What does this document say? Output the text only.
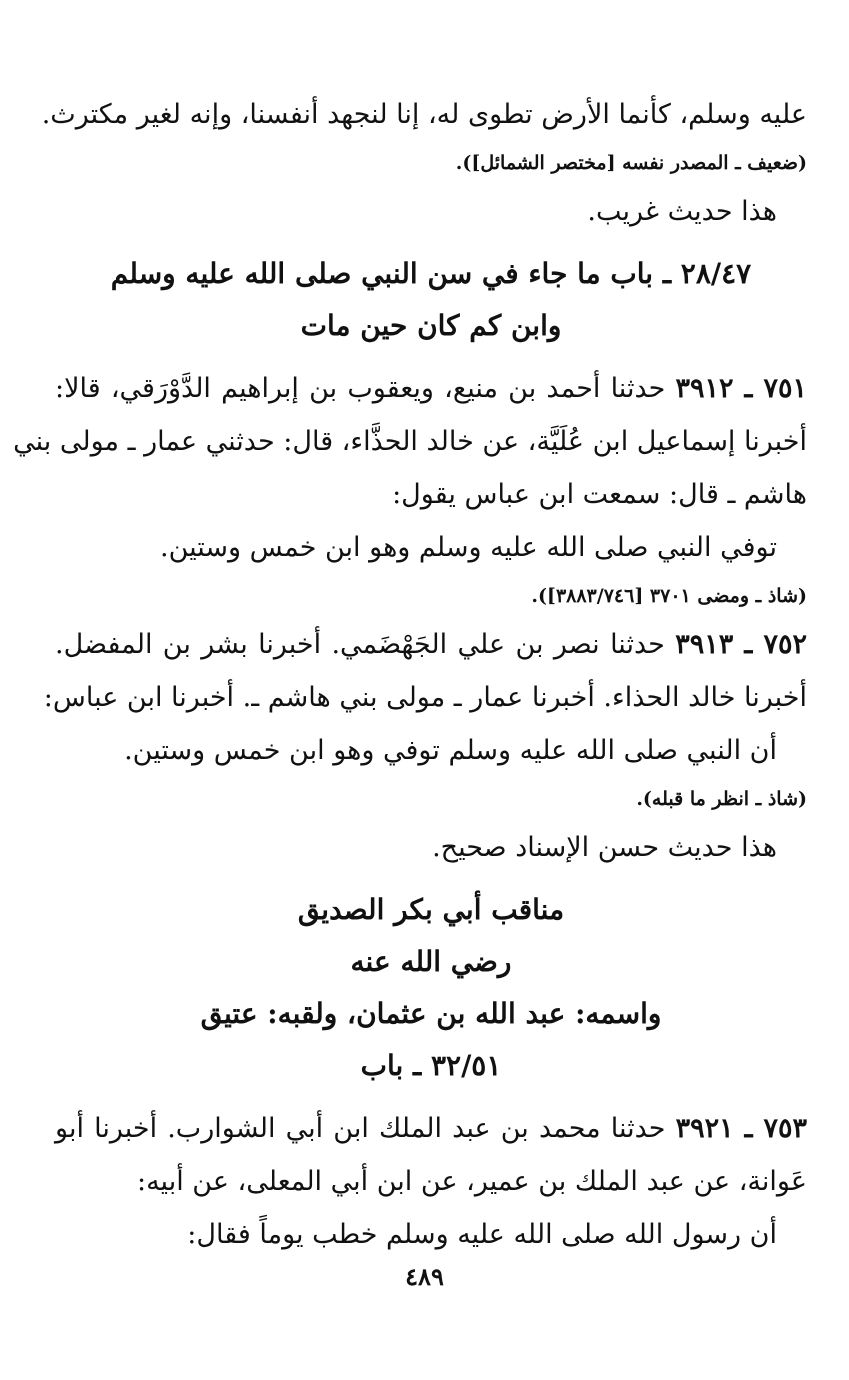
عليه وسلم، كأنما الأرض تطوى له، إنا لنجهد أنفسنا، وإنه لغير مكترث.
(ضعيف ـ المصدر نفسه [مختصر الشمائل]).
هذا حديث غريب.
٢٨/٤٧ ـ باب ما جاء في سن النبي صلى الله عليه وسلم
وابن كم كان حين مات
٧٥١ ـ ٣٩١٢ حدثنا أحمد بن منيع، ويعقوب بن إبراهيم الدَّوْرَقي، قالا:
أخبرنا إسماعيل ابن عُلَيَّة، عن خالد الحذَّاء، قال: حدثني عمار ـ مولى بني
هاشم ـ قال: سمعت ابن عباس يقول:
توفي النبي صلى الله عليه وسلم وهو ابن خمس وستين.
(شاذ ـ ومضى ٣٧٠١ [٣٨٨٣/٧٤٦]).
٧٥٢ ـ ٣٩١٣ حدثنا نصر بن علي الجَهْضَمي. أخبرنا بشر بن المفضل.
أخبرنا خالد الحذاء. أخبرنا عمار ـ مولى بني هاشم ـ. أخبرنا ابن عباس:
أن النبي صلى الله عليه وسلم توفي وهو ابن خمس وستين.
(شاذ ـ انظر ما قبله).
هذا حديث حسن الإسناد صحيح.
مناقب أبي بكر الصديق
رضي الله عنه
واسمه: عبد الله بن عثمان، ولقبه: عتيق
٣٢/٥١ ـ باب
٧٥٣ ـ ٣٩٢١ حدثنا محمد بن عبد الملك ابن أبي الشوارب. أخبرنا أبو
عَوانة، عن عبد الملك بن عمير، عن ابن أبي المعلى، عن أبيه:
أن رسول الله صلى الله عليه وسلم خطب يوماً فقال:
٤٨٩
